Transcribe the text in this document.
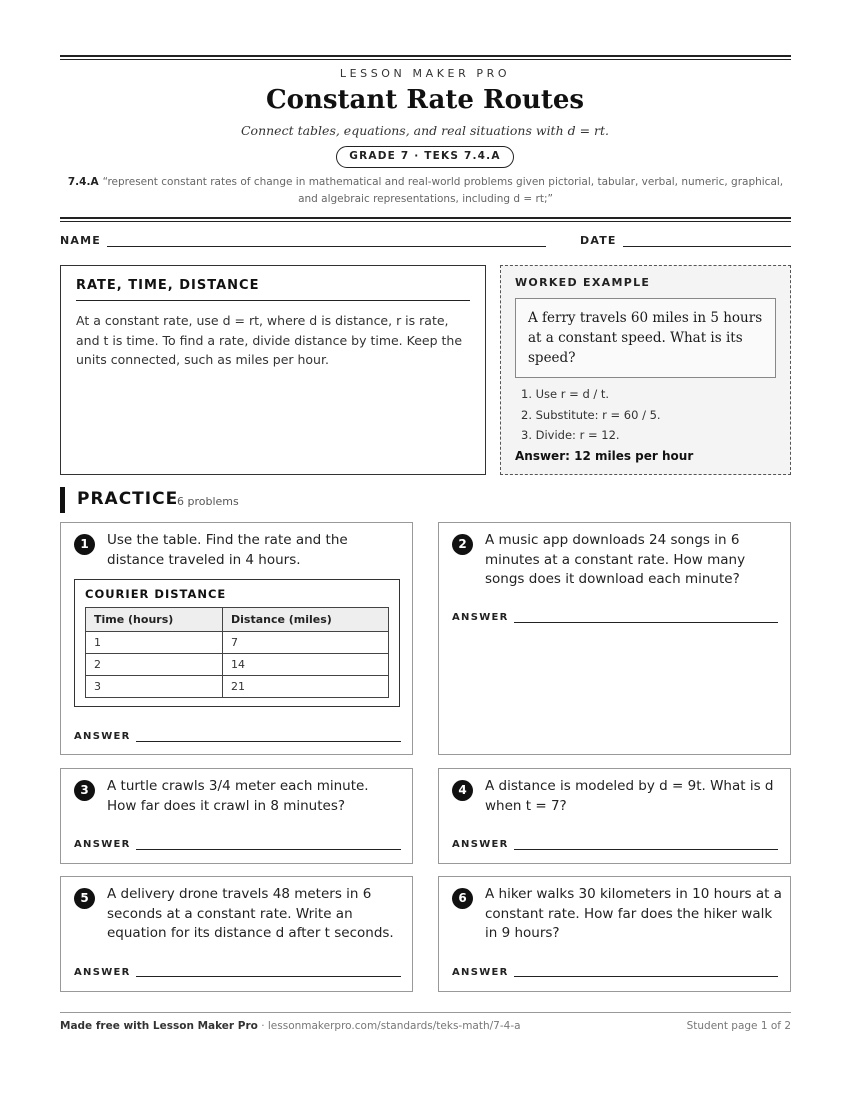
LESSON MAKER PRO
Constant Rate Routes
Connect tables, equations, and real situations with d = rt.
GRADE 7 · TEKS 7.4.A
7.4.A “represent constant rates of change in mathematical and real-world problems given pictorial, tabular, verbal, numeric, graphical, and algebraic representations, including d = rt;”
NAME	DATE
RATE, TIME, DISTANCE
At a constant rate, use d = rt, where d is distance, r is rate, and t is time. To find a rate, divide distance by time. Keep the units connected, such as miles per hour.
WORKED EXAMPLE
A ferry travels 60 miles in 5 hours at a constant speed. What is its speed?
1. Use r = d / t.
2. Substitute: r = 60 / 5.
3. Divide: r = 12.
Answer: 12 miles per hour
PRACTICE
6 problems
1	Use the table. Find the rate and the distance traveled in 4 hours.
COURIER DISTANCE
Time (hours)	Distance (miles)
1	7
2	14
3	21
ANSWER
2	A music app downloads 24 songs in 6 minutes at a constant rate. How many songs does it download each minute?
ANSWER
3	A turtle crawls 3/4 meter each minute. How far does it crawl in 8 minutes?
ANSWER
4	A distance is modeled by d = 9t. What is d when t = 7?
ANSWER
5	A delivery drone travels 48 meters in 6 seconds at a constant rate. Write an equation for its distance d after t seconds.
ANSWER
6	A hiker walks 30 kilometers in 10 hours at a constant rate. How far does the hiker walk in 9 hours?
ANSWER
Made free with Lesson Maker Pro · lessonmakerpro.com/standards/teks-math/7-4-a	Student page 1 of 2
